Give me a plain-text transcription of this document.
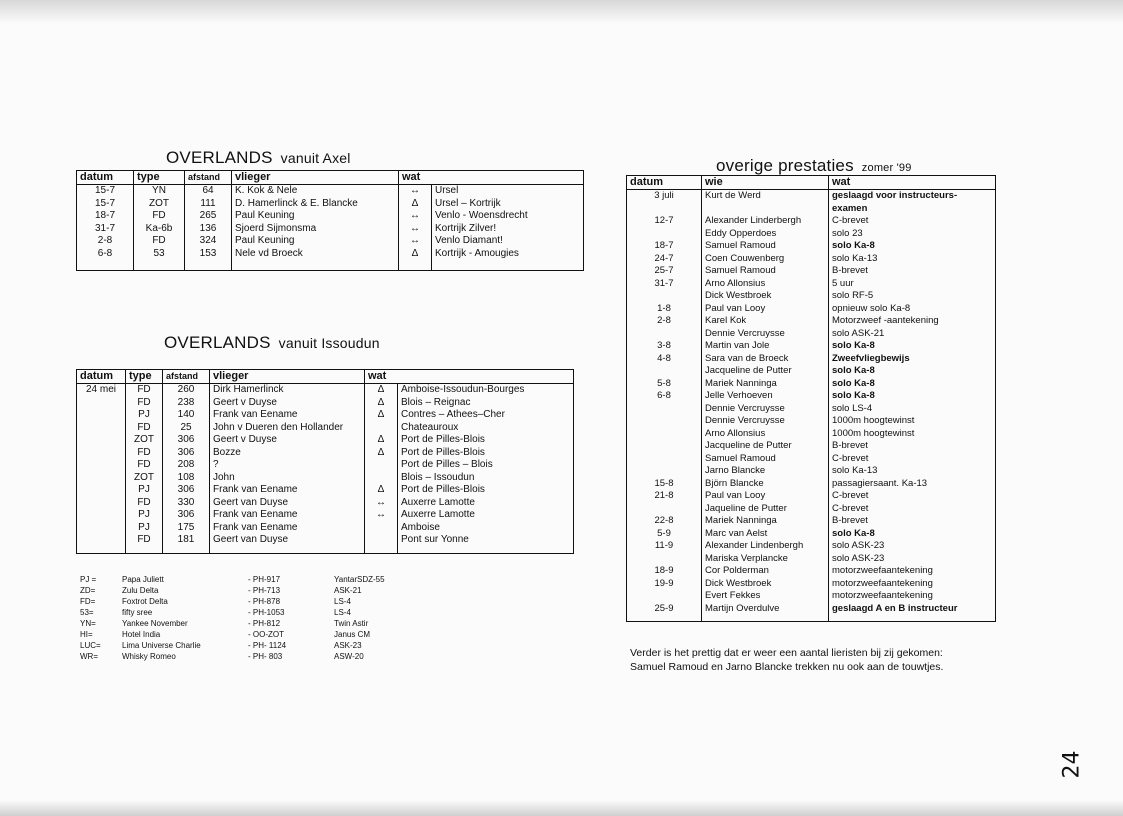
OVERLANDS vanuit Axel
datum	type	afstand	vlieger	wat	
15-7	YN	64	K. Kok & Nele	↔	Ursel
15-7	ZOT	111	D. Hamerlinck & E. Blancke	Δ	Ursel – Kortrijk
18-7	FD	265	Paul Keuning	↔	Venlo - Woensdrecht
31-7	Ka-6b	136	Sjoerd Sijmonsma	↔	Kortrijk Zilver!
2-8	FD	324	Paul Keuning	↔	Venlo Diamant!
6-8	53	153	Nele vd Broeck	Δ	Kortrijk - Amougies

OVERLANDS vanuit Issoudun
datum	type	afstand	vlieger	wat	
24 mei	FD	260	Dirk Hamerlinck	Δ	Amboise-Issoudun-Bourges
	FD	238	Geert v Duyse	Δ	Blois – Reignac
	PJ	140	Frank van Eename	Δ	Contres – Athees–Cher
	FD	25	John v Dueren den Hollander		Chateauroux
	ZOT	306	Geert v Duyse	Δ	Port de Pilles-Blois
	FD	306	Bozze	Δ	Port de Pilles-Blois
	FD	208	?		Port de Pilles – Blois
	ZOT	108	John		Blois – Issoudun
	PJ	306	Frank van Eename	Δ	Port de Pilles-Blois
	FD	330	Geert van Duyse	↔	Auxerre Lamotte
	PJ	306	Frank van Eename	↔	Auxerre Lamotte
	PJ	175	Frank van Eename		Amboise
	FD	181	Geert van Duyse		Pont sur Yonne

PJ =	Papa Juliett	- PH-917	YantarSDZ-55
ZD=	Zulu Delta	- PH-713	ASK-21
FD=	Foxtrot Delta	- PH-878	LS-4
53=	fifty sree	- PH-1053	LS-4
YN=	Yankee November	- PH-812	Twin Astir
HI=	Hotel India	- OO-ZOT	Janus CM
LUC=	Lima Universe Charlie	- PH- 1124	ASK-23
WR=	Whisky Romeo	- PH- 803	ASW-20
overige prestaties zomer '99
datum	wie	wat
3 juli	Kurt de Werd	geslaagd voor instructeurs-
		examen
12-7	Alexander Linderbergh	C-brevet
	Eddy Opperdoes	solo 23
18-7	Samuel Ramoud	solo Ka-8
24-7	Coen Couwenberg	solo Ka-13
25-7	Samuel Ramoud	B-brevet
31-7	Arno Allonsius	5 uur
	Dick Westbroek	solo RF-5
1-8	Paul van Looy	opnieuw solo Ka-8
2-8	Karel Kok	Motorzweef -aantekening
	Dennie Vercruysse	solo ASK-21
3-8	Martin van Jole	solo Ka-8
4-8	Sara van de Broeck	Zweefvliegbewijs
	Jacqueline de Putter	solo Ka-8
5-8	Mariek Nanninga	solo Ka-8
6-8	Jelle Verhoeven	solo Ka-8
	Dennie Vercruysse	solo LS-4
	Dennie Vercruysse	1000m hoogtewinst
	Arno Allonsius	1000m hoogtewinst
	Jacqueline de Putter	B-brevet
	Samuel Ramoud	C-brevet
	Jarno Blancke	solo Ka-13
15-8	Björn Blancke	passagiersaant. Ka-13
21-8	Paul van Looy	C-brevet
	Jaqueline de Putter	C-brevet
22-8	Mariek Nanninga	B-brevet
5-9	Marc van Aelst	solo Ka-8
11-9	Alexander Lindenbergh	solo ASK-23
	Mariska Verplancke	solo ASK-23
18-9	Cor Polderman	motorzweefaantekening
19-9	Dick Westbroek	motorzweefaantekening
	Evert Fekkes	motorzweefaantekening
25-9	Martijn Overdulve	geslaagd A en B instructeur

Verder is het prettig dat er weer een aantal lieristen bij zij gekomen:
Samuel Ramoud en Jarno Blancke trekken nu ook aan de touwtjes.
24
